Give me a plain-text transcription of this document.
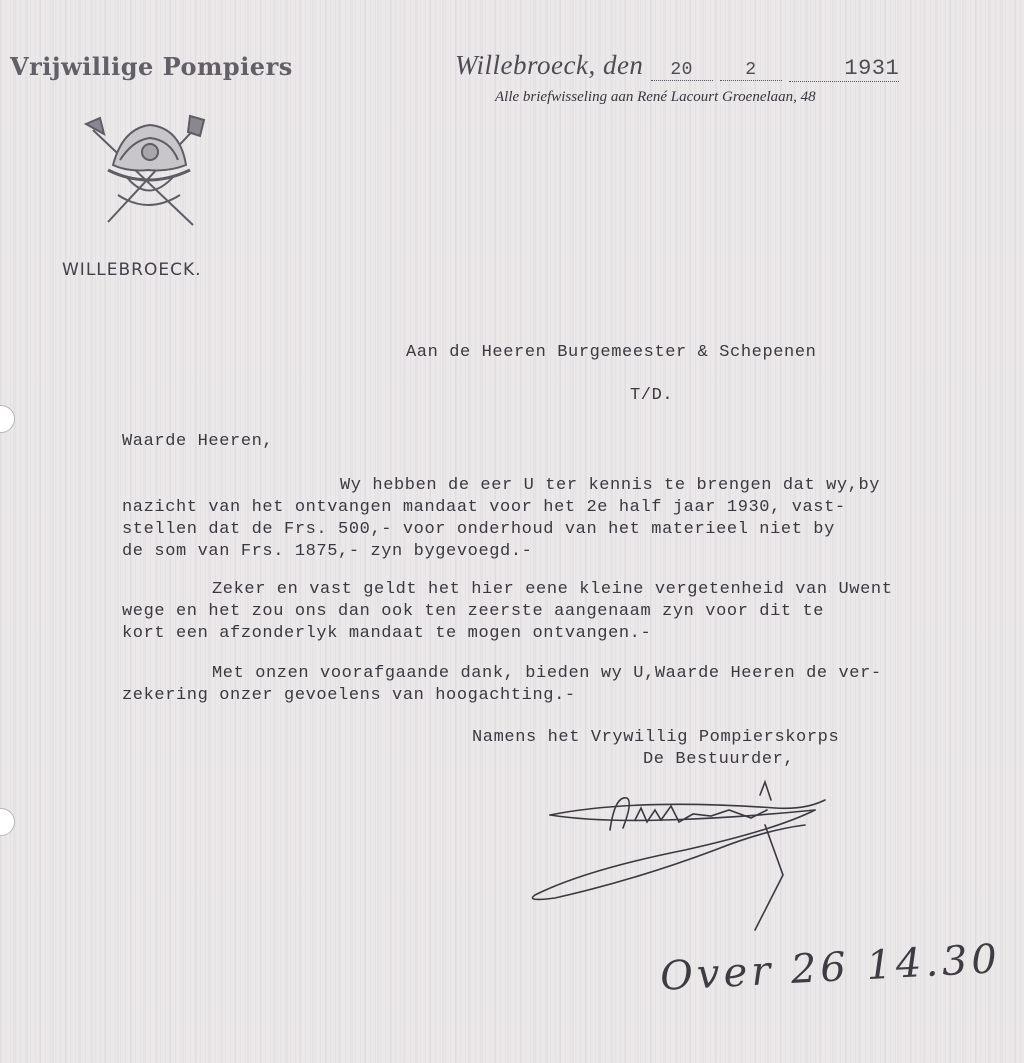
Vrijwillige Pompiers
WILLEBROECK.
Willebroeck, den 20	2	1931
Alle briefwisseling aan René Lacourt Groenelaan, 48
Aan de Heeren Burgemeester & Schepenen
T/D.
Waarde Heeren,
Wy hebben de eer U ter kennis te brengen dat wy,by
nazicht van het ontvangen mandaat voor het 2e half jaar 1930, vast-
stellen dat de Frs. 500,- voor onderhoud van het materieel niet by
de som van Frs. 1875,- zyn bygevoegd.-
Zeker en vast geldt het hier eene kleine vergetenheid van Uwent
wege en het zou ons dan ook ten zeerste aangenaam zyn voor dit te
kort een afzonderlyk mandaat te mogen ontvangen.-
Met onzen voorafgaande dank, bieden wy U,Waarde Heeren de ver-
zekering onzer gevoelens van hoogachting.-
Namens het Vrywillig Pompierskorps
De Bestuurder,
Over 26 14.30
